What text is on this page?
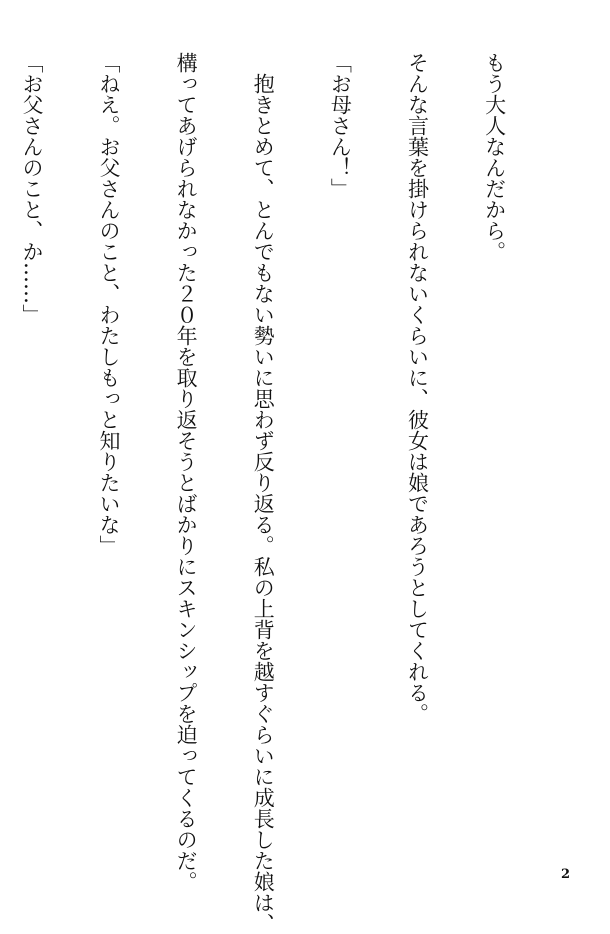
もう大人なんだから。

そんな言葉を掛けられないくらいに、彼女は娘であろうとしてくれる。

「お母さん！」

　抱きとめて、とんでもない勢いに思わず反り返る。私の上背を越すぐらいに成長した娘は、

構ってあげられなかった２０年を取り返そうとばかりにスキンシップを迫ってくるのだ。

「ねえ。お父さんのこと、わたしもっと知りたいな」

「お父さんのこと、か……」

2
